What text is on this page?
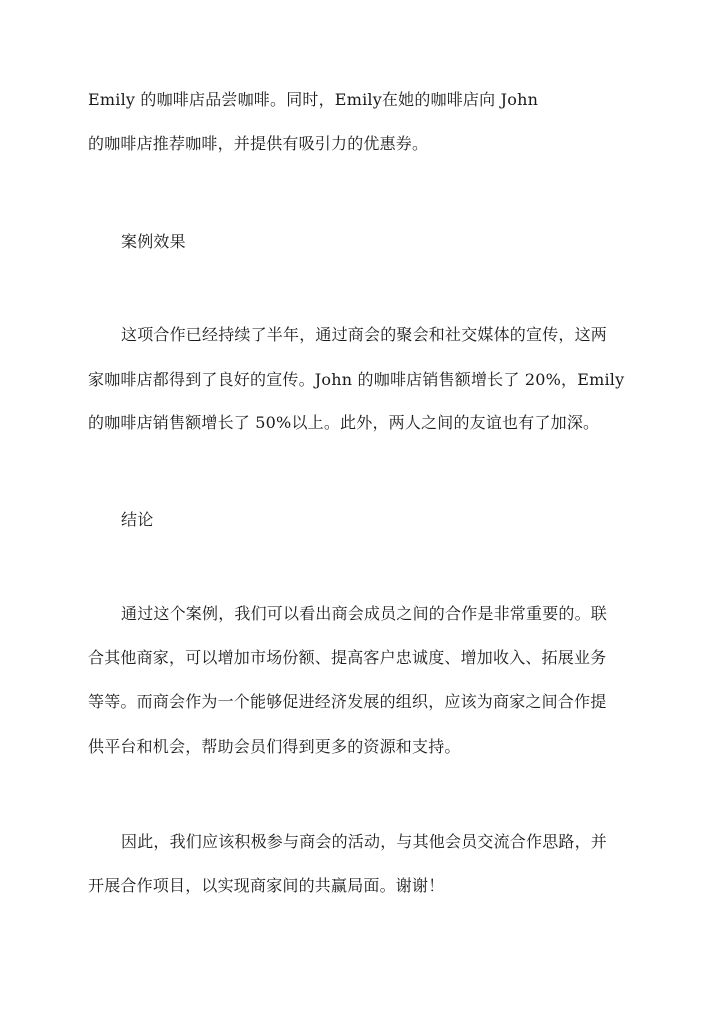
Emily 的咖啡店品尝咖啡。同时，Emily在她的咖啡店向 John
的咖啡店推荐咖啡，并提供有吸引力的优惠券。
案例效果
这项合作已经持续了半年，通过商会的聚会和社交媒体的宣传，这两
家咖啡店都得到了良好的宣传。John 的咖啡店销售额增长了 20%，Emily
的咖啡店销售额增长了 50%以上。此外，两人之间的友谊也有了加深。
结论
通过这个案例，我们可以看出商会成员之间的合作是非常重要的。联
合其他商家，可以增加市场份额、提高客户忠诚度、增加收入、拓展业务
等等。而商会作为一个能够促进经济发展的组织，应该为商家之间合作提
供平台和机会，帮助会员们得到更多的资源和支持。
因此，我们应该积极参与商会的活动，与其他会员交流合作思路，并
开展合作项目，以实现商家间的共赢局面。谢谢！
